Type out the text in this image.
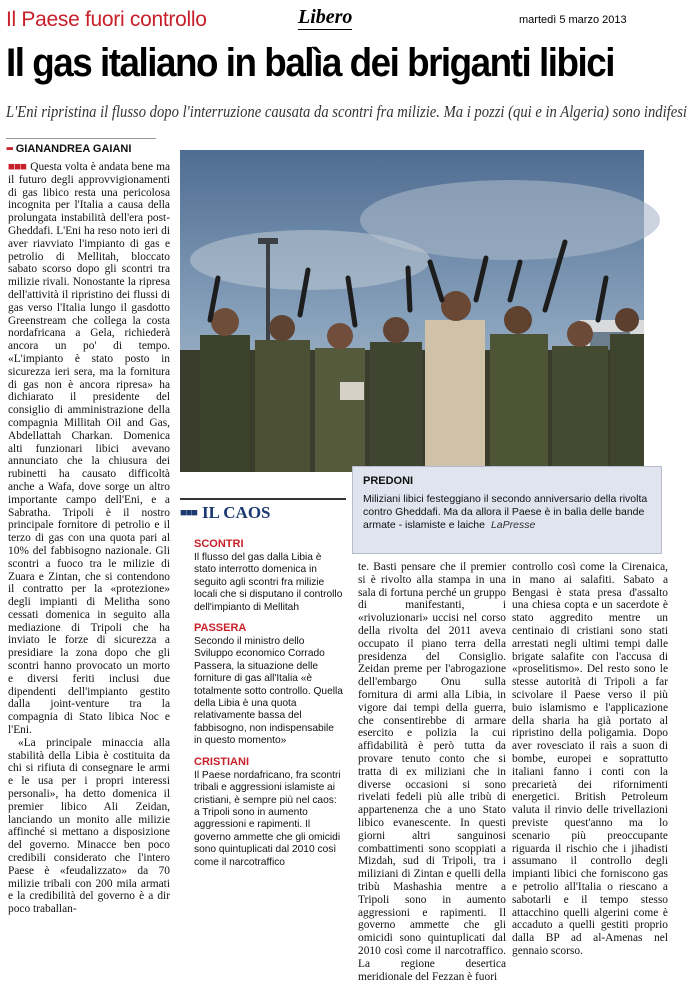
Il Paese fuori controllo	Libero	martedì 5 marzo 2013
Il gas italiano in balìa dei briganti libici
L'Eni ripristina il flusso dopo l'interruzione causata da scontri fra milizie. Ma i pozzi (qui e in Algeria) sono indifesi
▪▪▪ GIANANDREA GAIANI

■■■ Questa volta è andata bene ma il futuro degli approvvigionamenti di gas libico resta una pericolosa incognita per l'Italia a causa della prolungata instabilità dell'era post-Gheddafi. L'Eni ha reso noto ieri di aver riavviato l'impianto di gas e petrolio di Mellitah, bloccato sabato scorso dopo gli scontri tra milizie rivali. Nonostante la ripresa dell'attività il ripristino dei flussi di gas verso l'Italia lungo il gasdotto Greenstream che collega la costa nordafricana a Gela, richiederà ancora un po' di tempo. «L'impianto è stato posto in sicurezza ieri sera, ma la fornitura di gas non è ancora ripresa» ha dichiarato il presidente del consiglio di amministrazione della compagnia Millitah Oil and Gas, Abdellattah Charkan. Domenica alti funzionari libici avevano annunciato che la chiusura dei rubinetti ha causato difficoltà anche a Wafa, dove sorge un altro importante campo dell'Eni, e a Sabratha. Tripoli è il nostro principale fornitore di petrolio e il terzo di gas con una quota pari al 10% del fabbisogno nazionale. Gli scontri a fuoco tra le milizie di Zuara e Zintan, che si contendono il contratto per la «protezione» degli impianti di Melitha sono cessati domenica in seguito alla mediazione di Tripoli che ha inviato le forze di sicurezza a presidiare la zona dopo che gli scontri hanno provocato un morto e diversi feriti inclusi due dipendenti dell'impianto gestito dalla joint-venture tra la compagnia di Stato libica Noc e l'Eni.

«La principale minaccia alla stabilità della Libia è costituita da chi si rifiuta di consegnare le armi e le usa per i propri interessi personali», ha detto domenica il premier libico Ali Zeidan, lanciando un monito alle milizie affinché si mettano a disposizione del governo. Minacce ben poco credibili considerato che l'intero Paese è «feudalizzato» da 70 milizie tribali con 200 mila armati e la credibilità del governo è a dir poco traballan-

PREDONI
Miliziani libici festeggiano il secondo anniversario della rivolta contro Gheddafi. Ma da allora il Paese è in balìa delle bande armate - islamiste e laiche LaPresse
■■■ IL CAOS
SCONTRI
Il flusso del gas dalla Libia è stato interrotto domenica in seguito agli scontri fra milizie locali che si disputano il controllo dell'impianto di Mellitah
PASSERA
Secondo il ministro dello Sviluppo economico Corrado Passera, la situazione delle forniture di gas all'Italia «è totalmente sotto controllo. Quella della Libia è una quota relativamente bassa del fabbisogno, non indispensabile in questo momento»
CRISTIANI
Il Paese nordafricano, fra scontri tribali e aggressioni islamiste ai cristiani, è sempre più nel caos: a Tripoli sono in aumento aggressioni e rapimenti. Il governo ammette che gli omicidi sono quintuplicati dal 2010 così come il narcotraffico

te. Basti pensare che il premier si è rivolto alla stampa in una sala di fortuna perché un gruppo di manifestanti, i «rivoluzionari» uccisi nel corso della rivolta del 2011 aveva occupato il piano terra della presidenza del Consiglio. Zeidan preme per l'abrogazione dell'embargo Onu sulla fornitura di armi alla Libia, in vigore dai tempi della guerra, che consentirebbe di armare esercito e polizia la cui affidabilità è però tutta da provare tenuto conto che si tratta di ex miliziani che in diverse occasioni si sono rivelati fedeli più alle tribù di appartenenza che a uno Stato libico evanescente. In questi giorni altri sanguinosi combattimenti sono scoppiati a Mizdah, sud di Tripoli, tra i miliziani di Zintan e quelli della tribù Mashashia mentre a Tripoli sono in aumento aggressioni e rapimenti. Il governo ammette che gli omicidi sono quintuplicati dal 2010 così come il narcotraffico. La regione desertica meridionale del Fezzan è fuori

controllo così come la Cirenaica, in mano ai salafiti. Sabato a Bengasi è stata presa d'assalto una chiesa copta e un sacerdote è stato aggredito mentre un centinaio di cristiani sono stati arrestati negli ultimi tempi dalle brigate salafite con l'accusa di «proselitismo». Del resto sono le stesse autorità di Tripoli a far scivolare il Paese verso il più buio islamismo e l'applicazione della sharia ha già portato al ripristino della poligamia. Dopo aver rovesciato il raìs a suon di bombe, europei e soprattutto italiani fanno i conti con la precarietà dei rifornimenti energetici. British Petroleum valuta il rinvio delle trivellazioni previste quest'anno ma lo scenario più preoccupante riguarda il rischio che i jihadisti assumano il controllo degli impianti libici che forniscono gas e petrolio all'Italia o riescano a sabotarli e il tempo stesso attacchino quelli algerini come è accaduto a quelli gestiti proprio dalla BP ad al-Amenas nel gennaio scorso.
